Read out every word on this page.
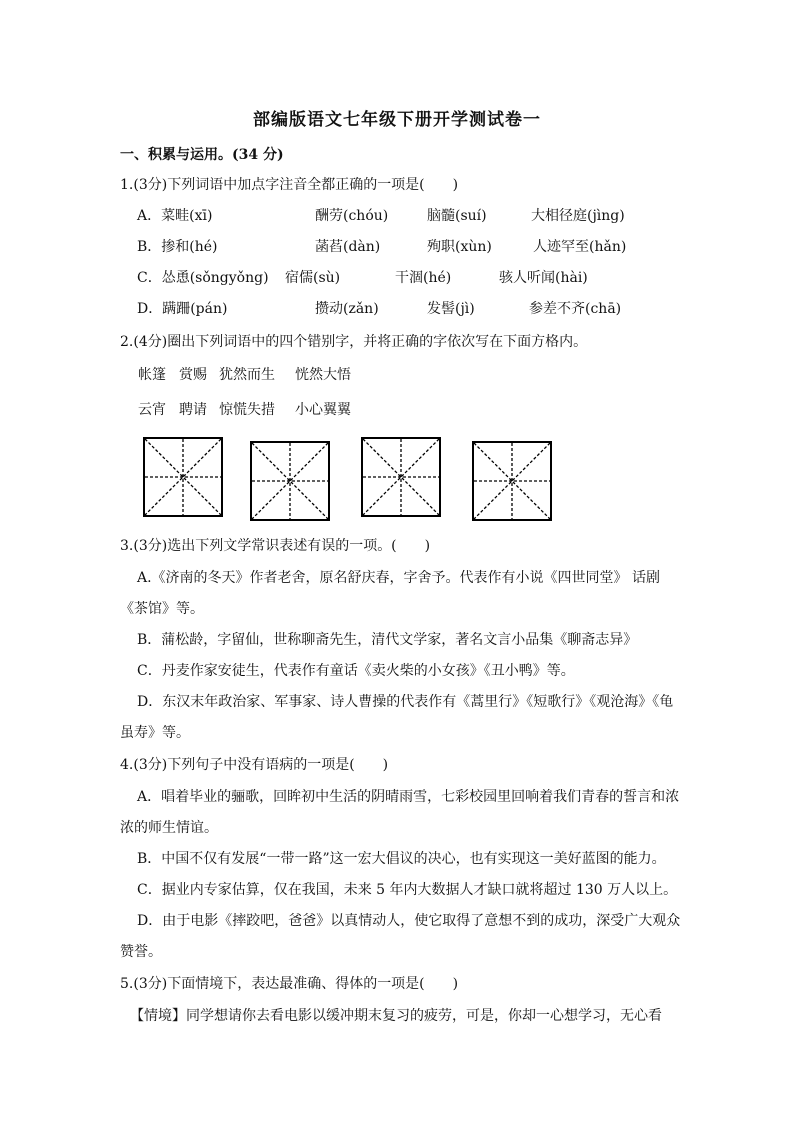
部编版语文七年级下册开学测试卷一
一、积累与运用。(34 分)
1.(3分)下列词语中加点字注音全都正确的一项是(　　)
A．菜畦(xī)	酬劳(chóu)	脑髓(suí)	大相径庭(jìng)
B．掺和(hé)	菡萏(dàn)	殉职(xùn)	人迹罕至(hǎn)
C．怂恿(sǒngyǒng) 宿儒(sù)	干涸(hé)	骇人听闻(hài)
D．蹒跚(pán)	攒动(zǎn)	发髻(jì)	参差不齐(chā)
2.(4分)圈出下列词语中的四个错别字，并将正确的字依次写在下面方格内。
帐篷 赏赐 犹然而生 恍然大悟
云宵 聘请 惊慌失措 小心翼翼
3.(3分)选出下列文学常识表述有误的一项。(　　)
A.《济南的冬天》作者老舍，原名舒庆春，字舍予。代表作有小说《四世同堂》 话剧
《茶馆》等。
B．蒲松龄，字留仙，世称聊斋先生，清代文学家，著名文言小品集《聊斋志异》
C．丹麦作家安徒生，代表作有童话《卖火柴的小女孩》《丑小鸭》等。
D．东汉末年政治家、军事家、诗人曹操的代表作有《蒿里行》《短歌行》《观沧海》《龟
虽寿》等。
4.(3分)下列句子中没有语病的一项是(　　)
A．唱着毕业的骊歌，回眸初中生活的阴晴雨雪，七彩校园里回响着我们青春的誓言和浓
浓的师生情谊。
B．中国不仅有发展“一带一路”这一宏大倡议的决心，也有实现这一美好蓝图的能力。
C．据业内专家估算，仅在我国，未来 5 年内大数据人才缺口就将超过 130 万人以上。
D．由于电影《摔跤吧，爸爸》以真情动人，使它取得了意想不到的成功，深受广大观众
赞誉。
5.(3分)下面情境下，表达最准确、得体的一项是(　　)
【情境】同学想请你去看电影以缓冲期末复习的疲劳，可是，你却一心想学习，无心看
